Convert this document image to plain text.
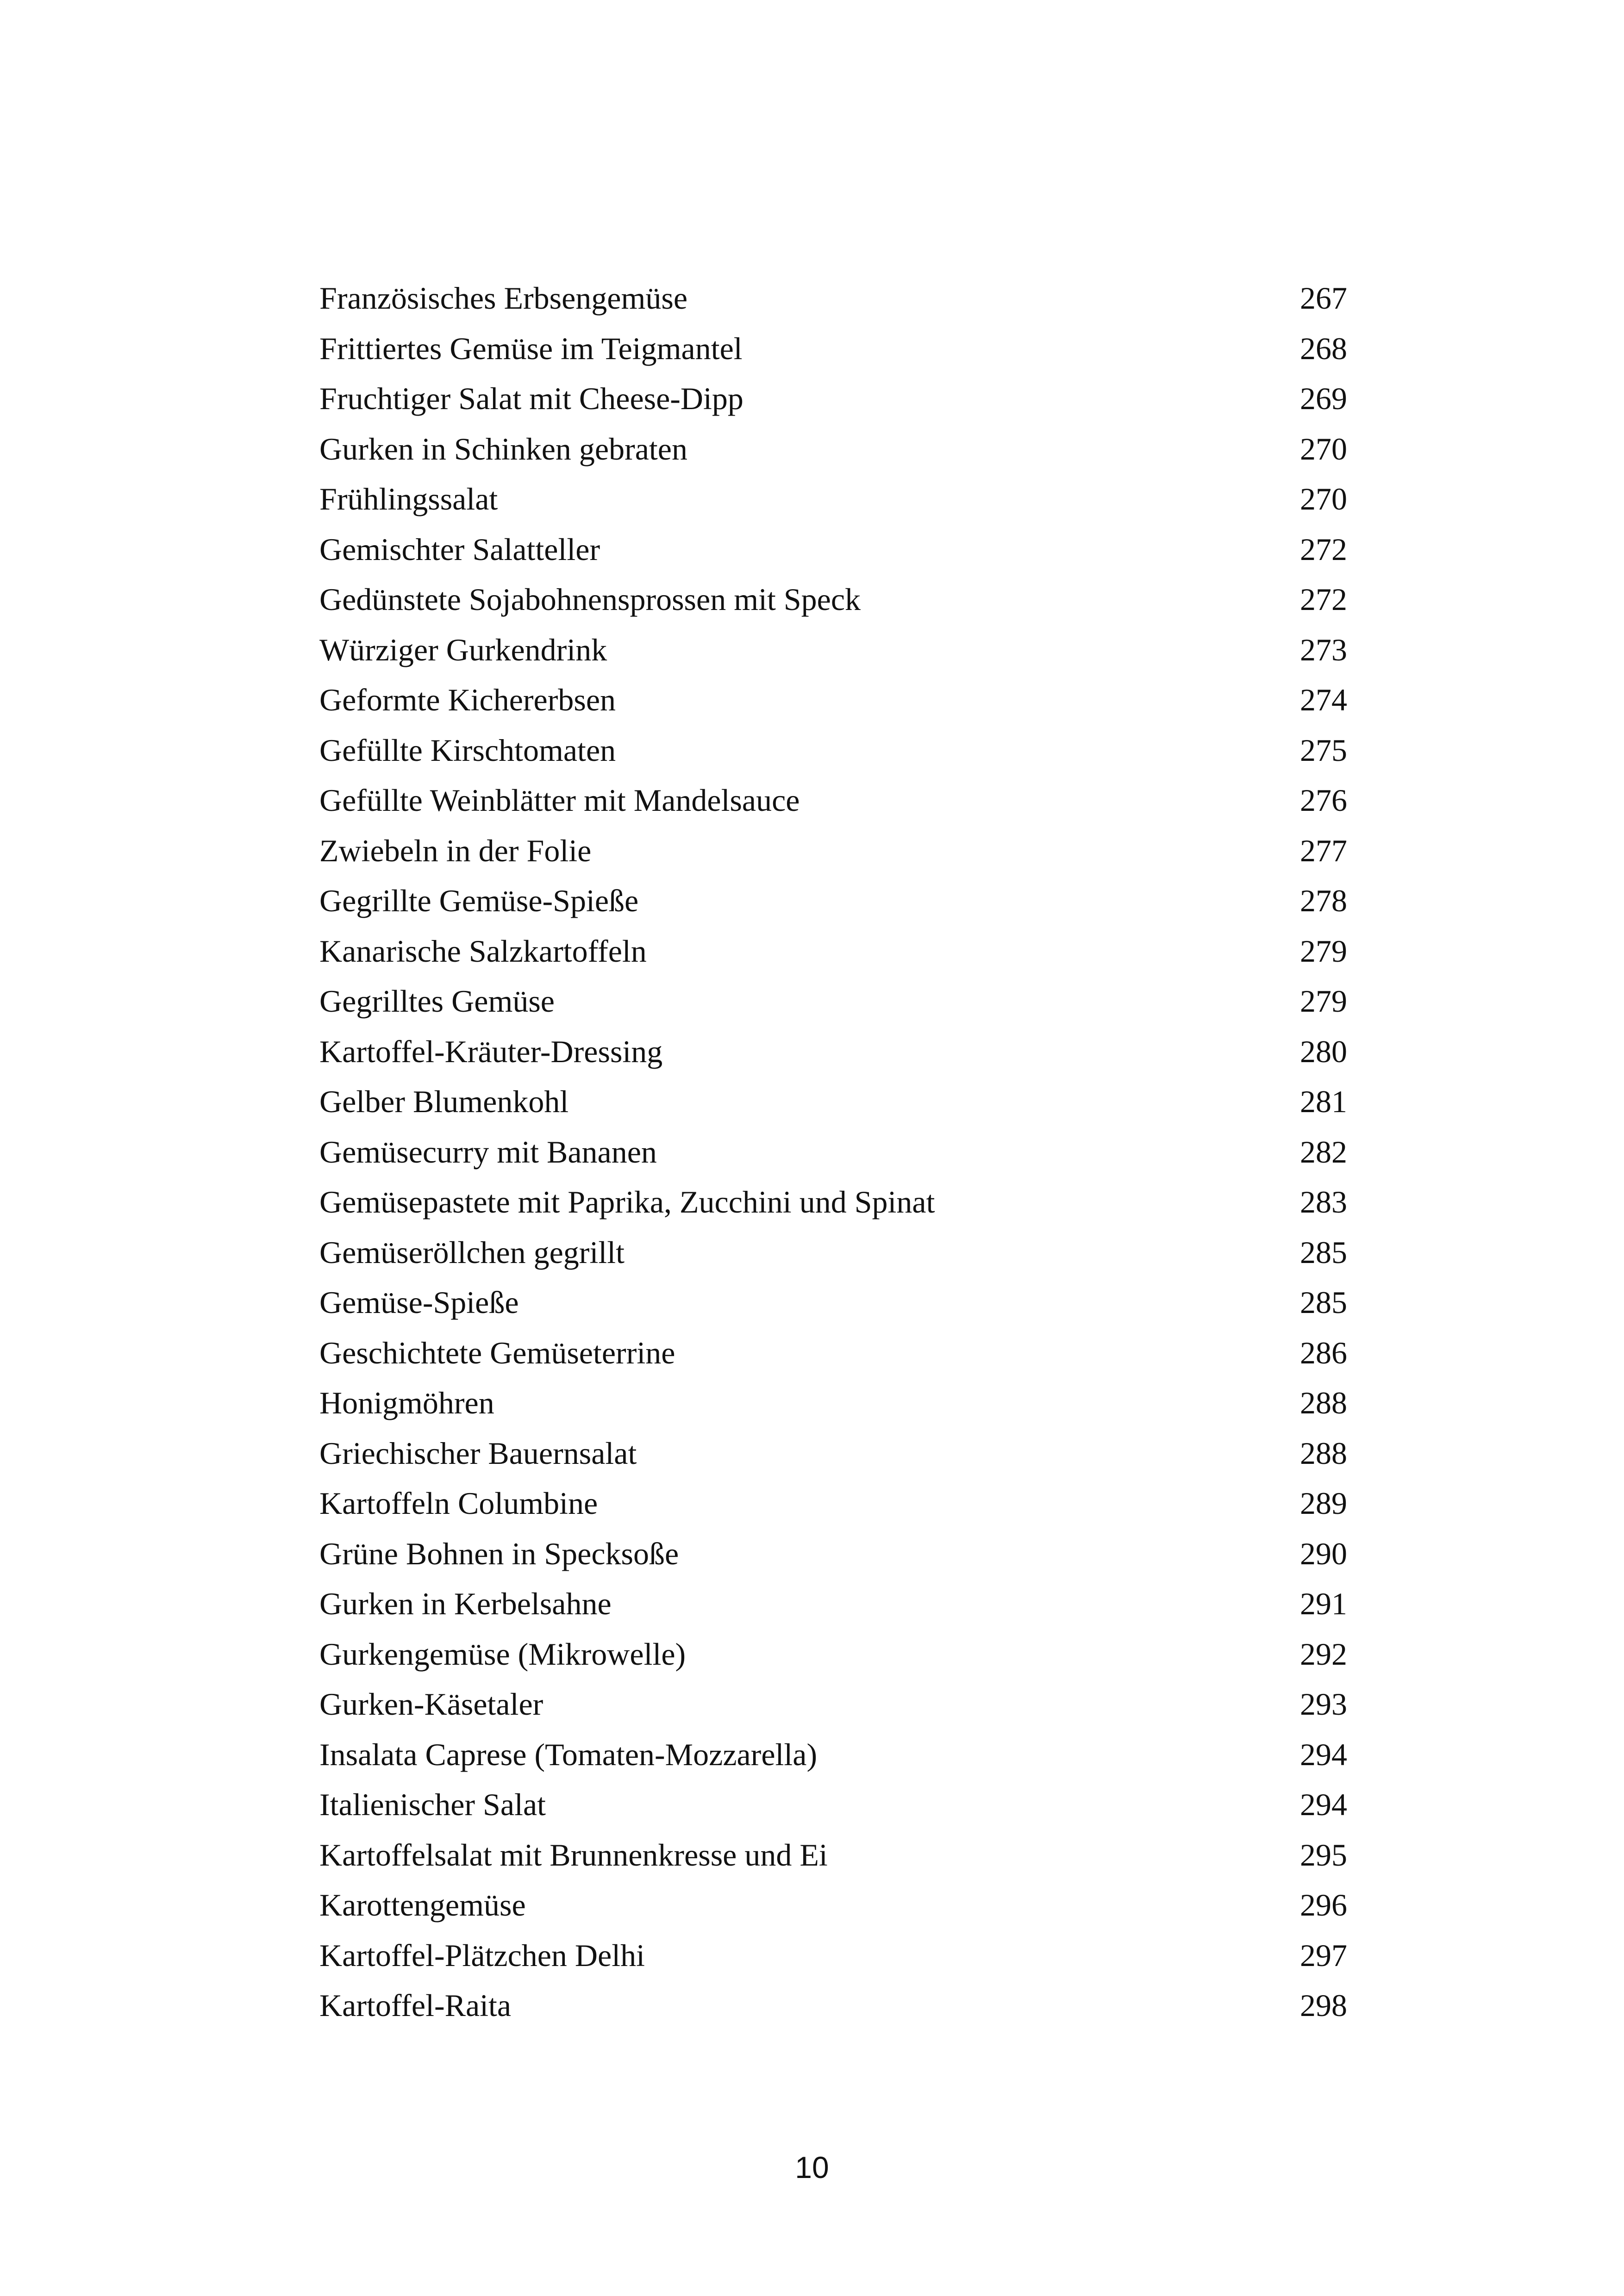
Französisches Erbsengemüse	267
Frittiertes Gemüse im Teigmantel	268
Fruchtiger Salat mit Cheese-Dipp	269
Gurken in Schinken gebraten	270
Frühlingssalat	270
Gemischter Salatteller	272
Gedünstete Sojabohnensprossen mit Speck	272
Würziger Gurkendrink	273
Geformte Kichererbsen	274
Gefüllte Kirschtomaten	275
Gefüllte Weinblätter mit Mandelsauce	276
Zwiebeln in der Folie	277
Gegrillte Gemüse-Spieße	278
Kanarische Salzkartoffeln	279
Gegrilltes Gemüse	279
Kartoffel-Kräuter-Dressing	280
Gelber Blumenkohl	281
Gemüsecurry mit Bananen	282
Gemüsepastete mit Paprika, Zucchini und Spinat	283
Gemüseröllchen gegrillt	285
Gemüse-Spieße	285
Geschichtete Gemüseterrine	286
Honigmöhren	288
Griechischer Bauernsalat	288
Kartoffeln Columbine	289
Grüne Bohnen in Specksoße	290
Gurken in Kerbelsahne	291
Gurkengemüse (Mikrowelle)	292
Gurken-Käsetaler	293
Insalata Caprese (Tomaten-Mozzarella)	294
Italienischer Salat	294
Kartoffelsalat mit Brunnenkresse und Ei	295
Karottengemüse	296
Kartoffel-Plätzchen Delhi	297
Kartoffel-Raita	298
10
